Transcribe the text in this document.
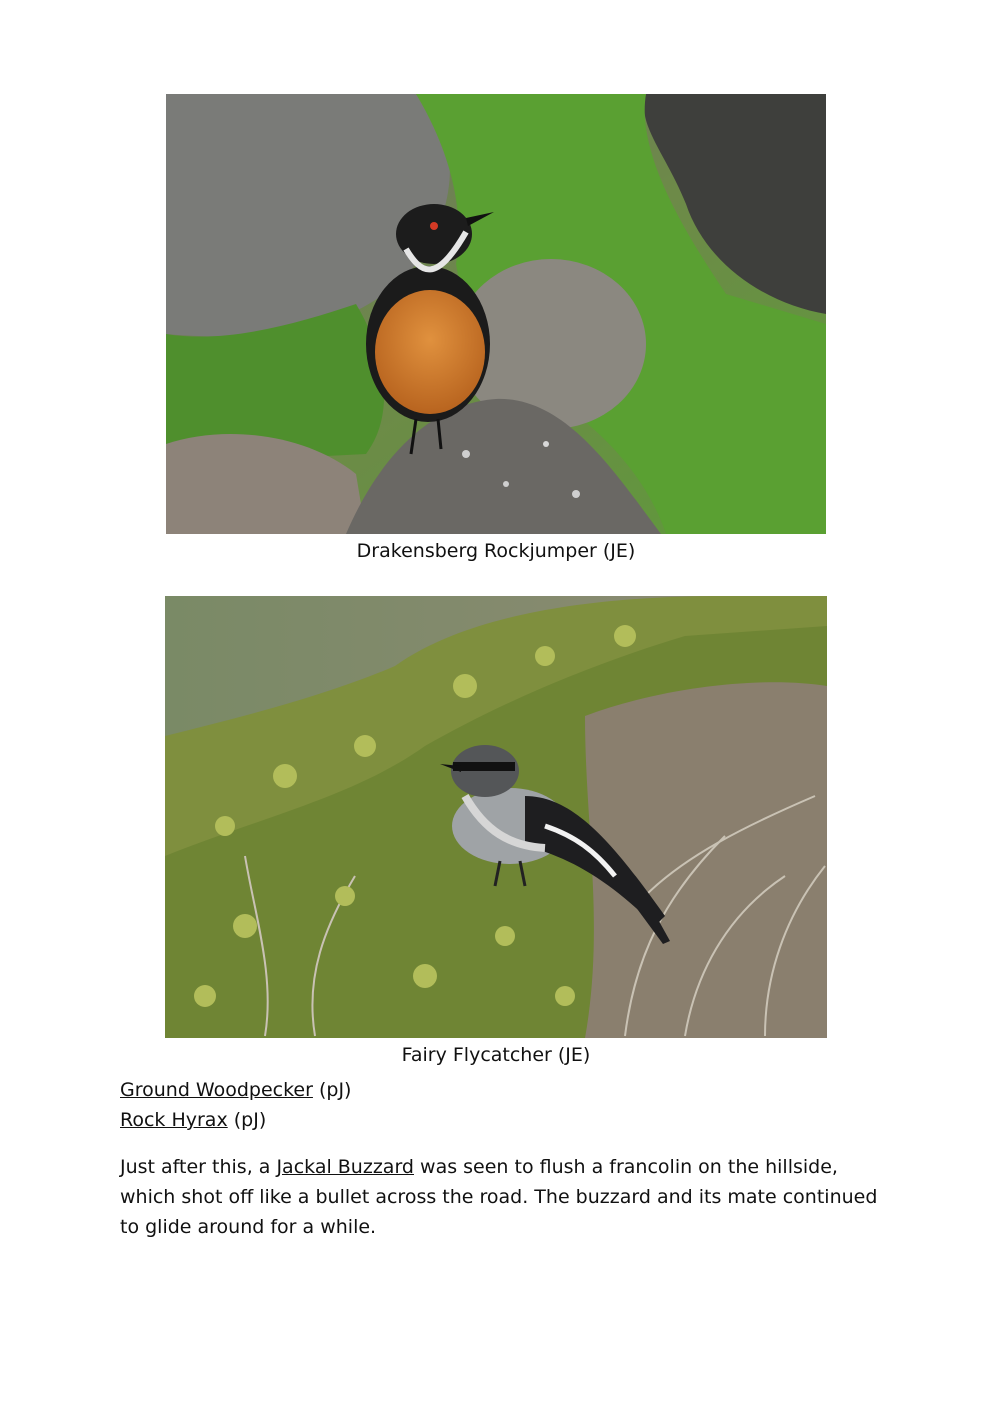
Drakensberg Rockjumper (JE)
Fairy Flycatcher (JE)
Ground Woodpecker (pJ)
Rock Hyrax (pJ)
Just after this, a Jackal Buzzard was seen to flush a francolin on the hillside, which shot off like a bullet across the road. The buzzard and its mate continued to glide around for a while.
